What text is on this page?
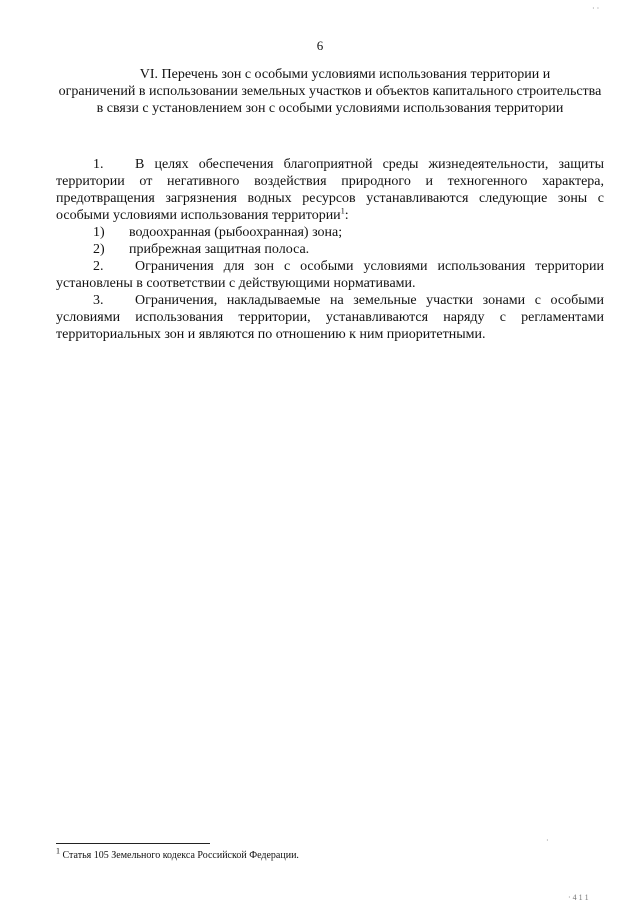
6
VI. Перечень зон с особыми условиями использования территории и
ограничений в использовании земельных участков и объектов капитального строительства в связи с установлением зон с особыми условиями использования территории

1. В целях обеспечения благоприятной среды жизнедеятельности, защиты территории от негативного воздействия природного и техногенного характера, предотвращения загрязнения водных ресурсов устанавливаются следующие зоны с особыми условиями использования территории$^1$:

1)	водоохранная (рыбоохранная) зона;

2)	прибрежная защитная полоса.

2. Ограничения для зон с особыми условиями использования территории установлены в соответствии с действующими нормативами.

3. Ограничения, накладываемые на земельные участки зонами с особыми условиями использования территории, устанавливаются наряду с регламентами территориальных зон и являются по отношению к ним приоритетными.

$^1$ Статья 105 Земельного кодекса Российской Федерации.
· ·
·
· 4 1 1
